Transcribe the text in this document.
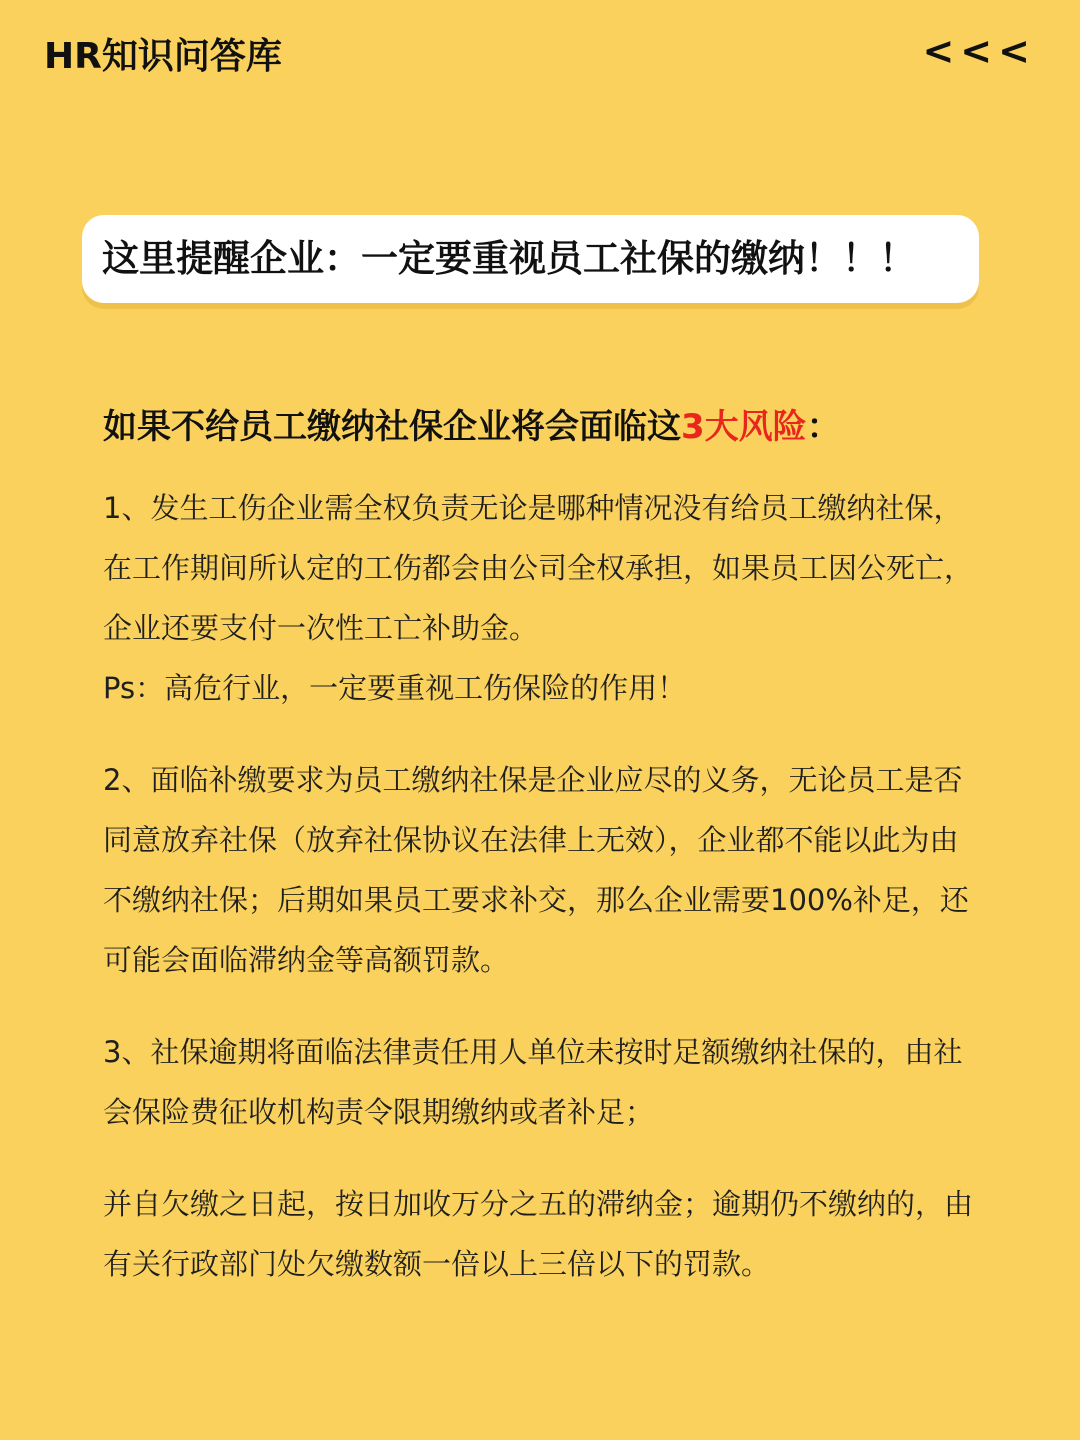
HR知识问答库	<<<
这里提醒企业：一定要重视员工社保的缴纳！！！
如果不给员工缴纳社保企业将会面临这3大风险：

1、发生工伤企业需全权负责无论是哪种情况没有给员工缴纳社保，

在工作期间所认定的工伤都会由公司全权承担，如果员工因公死亡，

企业还要支付一次性工亡补助金。

Ps：高危行业，一定要重视工伤保险的作用！

2、面临补缴要求为员工缴纳社保是企业应尽的义务，无论员工是否

同意放弃社保（放弃社保协议在法律上无效），企业都不能以此为由

不缴纳社保；后期如果员工要求补交，那么企业需要100%补足，还

可能会面临滞纳金等高额罚款。

3、社保逾期将面临法律责任用人单位未按时足额缴纳社保的，由社

会保险费征收机构责令限期缴纳或者补足；

并自欠缴之日起，按日加收万分之五的滞纳金；逾期仍不缴纳的，由

有关行政部门处欠缴数额一倍以上三倍以下的罚款。
